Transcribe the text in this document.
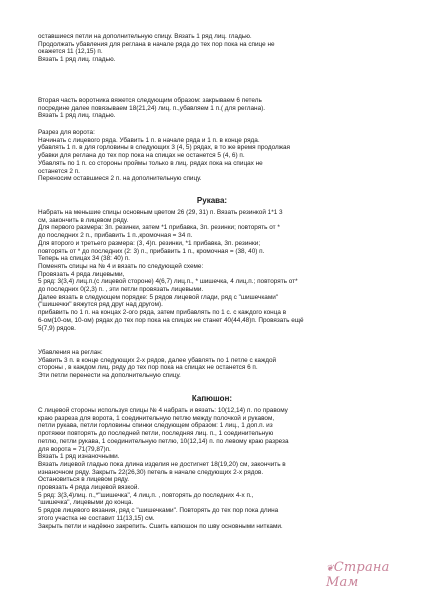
оставшиеся петли на дополнительную спицу. Вязать 1 ряд лиц. гладью.
Продолжать убавления для реглана в начале ряда до тех пор пока на спице не
окажется 11 (12,15) п.
Вязать 1 ряд лиц. гладью.
Вторая часть воротника вяжется следующим образом: закрываем 6 петель
посредине далее повязываем 18(21,24) лиц. п.,убавляем 1 п.( для реглана).
Вязать 1 ряд лиц. гладью.
Разрез для ворота:
Начинать с лицевого ряда. Убавить 1 п. в начале ряда и 1 п. в конце ряда.
убавлять 1 п. в для горловины в следующих 3 (4, 5) рядах, в то же время продолжая
убавки для реглана до тех пор пока на спицах не останется 5 (4, 6) п.
Убавлять по 1 п. со стороны проймы только в лиц. рядах пока на спицах не
останется 2 п.
Переносим оставшиеся 2 п. на дополнительную спицу.
Рукава:
Набрать на меньшие спицы основным цветом 26 (29, 31) п. Вязать резинкой 1*1 3
см, закончить в лицевом ряду.
Для первого размера: 3п. резинки, затем *1 прибавка, 3п. резинки; повторять от *
до последних 2 п., прибавить 1 п.,кромочная = 34 п.
Для второго и третьего размера: (3, 4)п. резинки, *1 прибавка, 3п. резинки;
повторять от * до последних (2: 3) п., прибавить 1 п., кромочная = (38, 40) п.
Теперь на спицах 34 (38: 40) п.
Поменять спицы на № 4 и вязать по следующей схеме:
Провязать 4 ряда лицевыми,
5 ряд: 3(3,4) лиц.п.(с лицевой стороне) 4(6,7) лиц.п., * шишечка, 4 лиц.п.; повторять от*
до последних 0(2,3) п. , эти петли провязать лицевыми.
Далее вязать в следующем порядке: 5 рядов лицевой глади, ряд с "шишечками"
("шишечки" вяжутся ряд друг над другом).
прибавить по 1 п. на концах 2-ого ряда, затем прибавлять по 1 с. с каждого конца в
6-ом(10-ом, 10-ом) рядах до тех пор пока на спицах не станет 40(44,48)п. Провязать ещё
5(7,9) рядов.
Убавления на реглан:
Убавить 3 п. в конце следующих 2-х рядов, далее убавлять по 1 петле с каждой
стороны , в каждом лиц. ряду до тех пор пока на спицах не останется 6 п.
Эти петли перенести на дополнительную спицу.
Капюшон:
С лицевой стороны используя спицы № 4 набрать и вязать: 10(12,14) п. по правому
краю разреза для ворота, 1 соединительную петлю между полочкой и рукавом,
петли рукава, петли горловины спинки следующем образом: 1 лиц., 1 доп.п. из
протяжки повторять до последней петли, последняя лиц. п., 1 соединительную
петлю, петли рукава, 1 соединительную петлю, 10(12,14) п. по левому краю разреза
для ворота = 71(79,87)п.
Вязать 1 ряд изнаночными.
Вязать лицевой гладью пока длина изделия не достигнет 18(19,20) см, закончить в
изнаночном ряду. Закрыть 22(26,30) петель в начале следующих 2-х рядов.
Остановиться в лицевом ряду.
провязать 4 ряда лицевой вязкой.
5 ряд: 3(3,4)лиц. п.,*"шишечка", 4 лиц.п. , повторять до последних 4-х п.,
"шишечка", лицевыми до конца.
5 рядов лицевого вязания, ряд с "шишечками". Повторять до тех пор пока длина
этого участка не составит 11(13,15) см.
Закрыть петли и надёжно закрепить. Сшить капюшон по шву основными нитками.
❦Страна Мам
